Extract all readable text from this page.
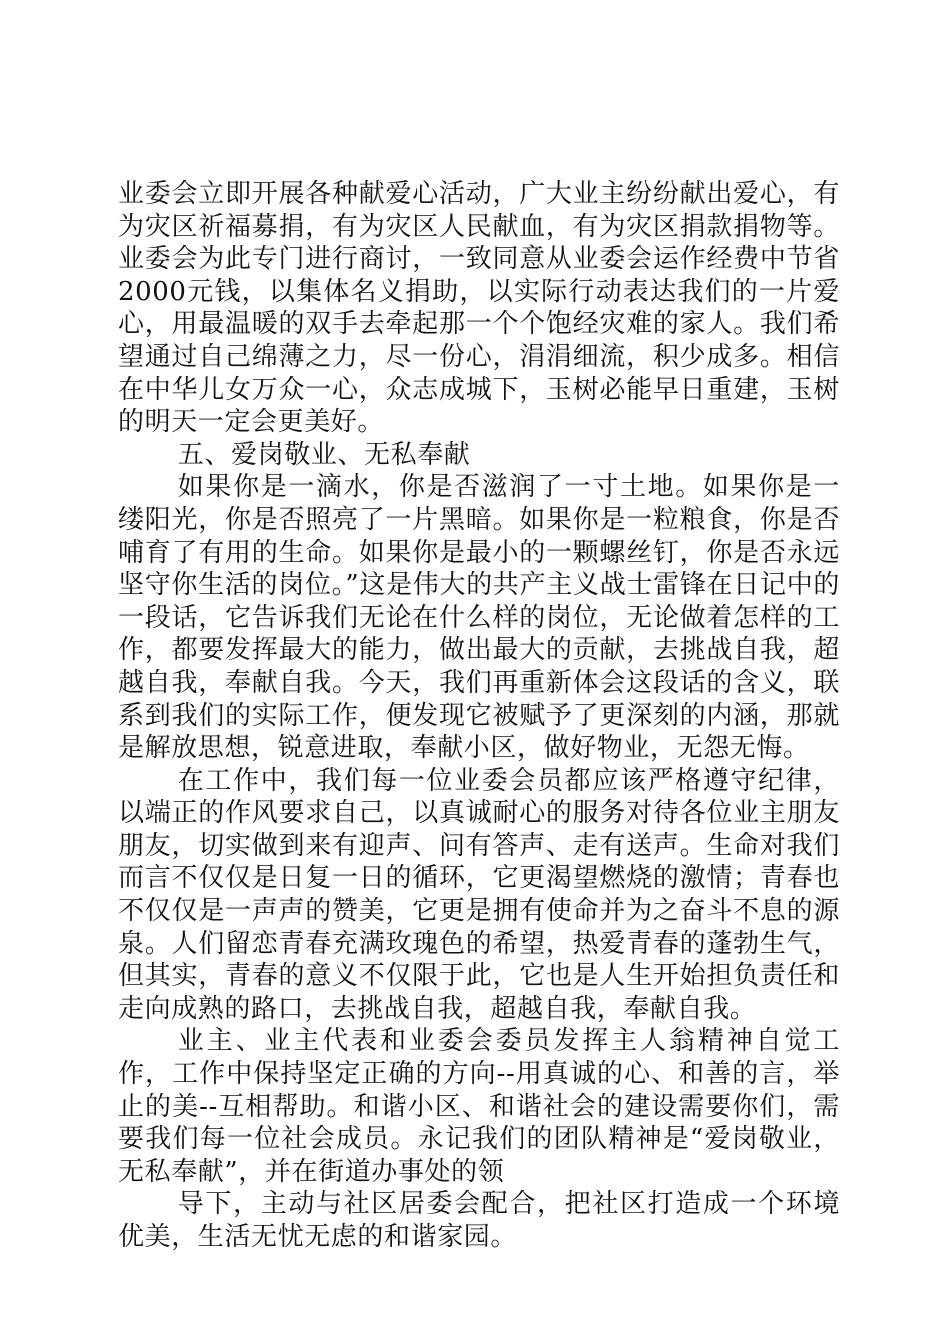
业委会立即开展各种献爱心活动，广大业主纷纷献出爱心，有为灾区祈福募捐，有为灾区人民献血，有为灾区捐款捐物等。业委会为此专门进行商讨，一致同意从业委会运作经费中节省2000元钱，以集体名义捐助，以实际行动表达我们的一片爱心，用最温暖的双手去牵起那一个个饱经灾难的家人。我们希望通过自己绵薄之力，尽一份心，涓涓细流，积少成多。相信在中华儿女万众一心，众志成城下，玉树必能早日重建，玉树的明天一定会更美好。

五、爱岗敬业、无私奉献

如果你是一滴水，你是否滋润了一寸土地。如果你是一缕阳光，你是否照亮了一片黑暗。如果你是一粒粮食，你是否哺育了有用的生命。如果你是最小的一颗螺丝钉，你是否永远坚守你生活的岗位。”这是伟大的共产主义战士雷锋在日记中的一段话，它告诉我们无论在什么样的岗位，无论做着怎样的工作，都要发挥最大的能力，做出最大的贡献，去挑战自我，超越自我，奉献自我。今天，我们再重新体会这段话的含义，联系到我们的实际工作，便发现它被赋予了更深刻的内涵，那就是解放思想，锐意进取，奉献小区，做好物业，无怨无悔。

在工作中，我们每一位业委会员都应该严格遵守纪律，以端正的作风要求自己，以真诚耐心的服务对待各位业主朋友朋友，切实做到来有迎声、问有答声、走有送声。生命对我们而言不仅仅是日复一日的循环，它更渴望燃烧的激情；青春也不仅仅是一声声的赞美，它更是拥有使命并为之奋斗不息的源泉。人们留恋青春充满玫瑰色的希望，热爱青春的蓬勃生气，但其实，青春的意义不仅限于此，它也是人生开始担负责任和走向成熟的路口，去挑战自我，超越自我，奉献自我。

业主、业主代表和业委会委员发挥主人翁精神自觉工作，工作中保持坚定正确的方向--用真诚的心、和善的言，举止的美--互相帮助。和谐小区、和谐社会的建设需要你们，需要我们每一位社会成员。永记我们的团队精神是“爱岗敬业，无私奉献”，并在街道办事处的领

导下，主动与社区居委会配合，把社区打造成一个环境优美，生活无忧无虑的和谐家园。
